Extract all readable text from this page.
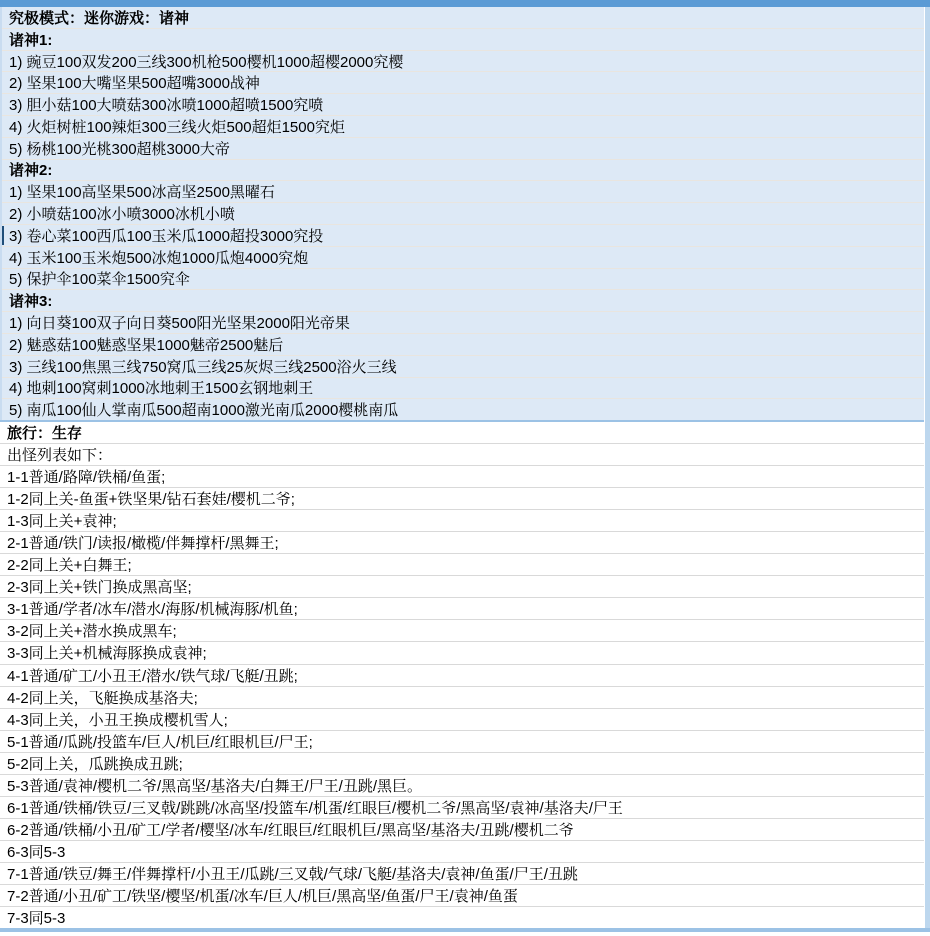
究极模式：迷你游戏：诸神
诸神1:
1) 豌豆100双发200三线300机枪500樱机1000超樱2000究樱
2) 坚果100大嘴坚果500超嘴3000战神
3) 胆小菇100大喷菇300冰喷1000超喷1500究喷
4) 火炬树桩100辣炬300三线火炬500超炬1500究炬
5) 杨桃100光桃300超桃3000大帝
诸神2:
1) 坚果100高坚果500冰高坚2500黑曜石
2) 小喷菇100冰小喷3000冰机小喷
3) 卷心菜100西瓜100玉米瓜1000超投3000究投
4) 玉米100玉米炮500冰炮1000瓜炮4000究炮
5) 保护伞100菜伞1500究伞
诸神3:
1) 向日葵100双子向日葵500阳光坚果2000阳光帝果
2) 魅惑菇100魅惑坚果1000魅帝2500魅后
3) 三线100焦黑三线750窝瓜三线25灰烬三线2500浴火三线
4) 地刺100窝刺1000冰地刺王1500玄钢地刺王
5) 南瓜100仙人掌南瓜500超南1000激光南瓜2000樱桃南瓜
旅行：生存
出怪列表如下：
1-1普通/路障/铁桶/鱼蛋;
1-2同上关-鱼蛋+铁坚果/钻石套娃/樱机二爷;
1-3同上关+袁神;
2-1普通/铁门/读报/橄榄/伴舞撑杆/黑舞王;
2-2同上关+白舞王;
2-3同上关+铁门换成黑高坚;
3-1普通/学者/冰车/潜水/海豚/机械海豚/机鱼;
3-2同上关+潜水换成黑车;
3-3同上关+机械海豚换成袁神;
4-1普通/矿工/小丑王/潜水/铁气球/飞艇/丑跳;
4-2同上关，飞艇换成基洛夫;
4-3同上关，小丑王换成樱机雪人;
5-1普通/瓜跳/投篮车/巨人/机巨/红眼机巨/尸王;
5-2同上关，瓜跳换成丑跳;
5-3普通/袁神/樱机二爷/黑高坚/基洛夫/白舞王/尸王/丑跳/黑巨。
6-1普通/铁桶/铁豆/三叉戟/跳跳/冰高坚/投篮车/机蛋/红眼巨/樱机二爷/黑高坚/袁神/基洛夫/尸王
6-2普通/铁桶/小丑/矿工/学者/樱坚/冰车/红眼巨/红眼机巨/黑高坚/基洛夫/丑跳/樱机二爷
6-3同5-3
7-1普通/铁豆/舞王/伴舞撑杆/小丑王/瓜跳/三叉戟/气球/飞艇/基洛夫/袁神/鱼蛋/尸王/丑跳
7-2普通/小丑/矿工/铁坚/樱坚/机蛋/冰车/巨人/机巨/黑高坚/鱼蛋/尸王/袁神/鱼蛋
7-3同5-3
